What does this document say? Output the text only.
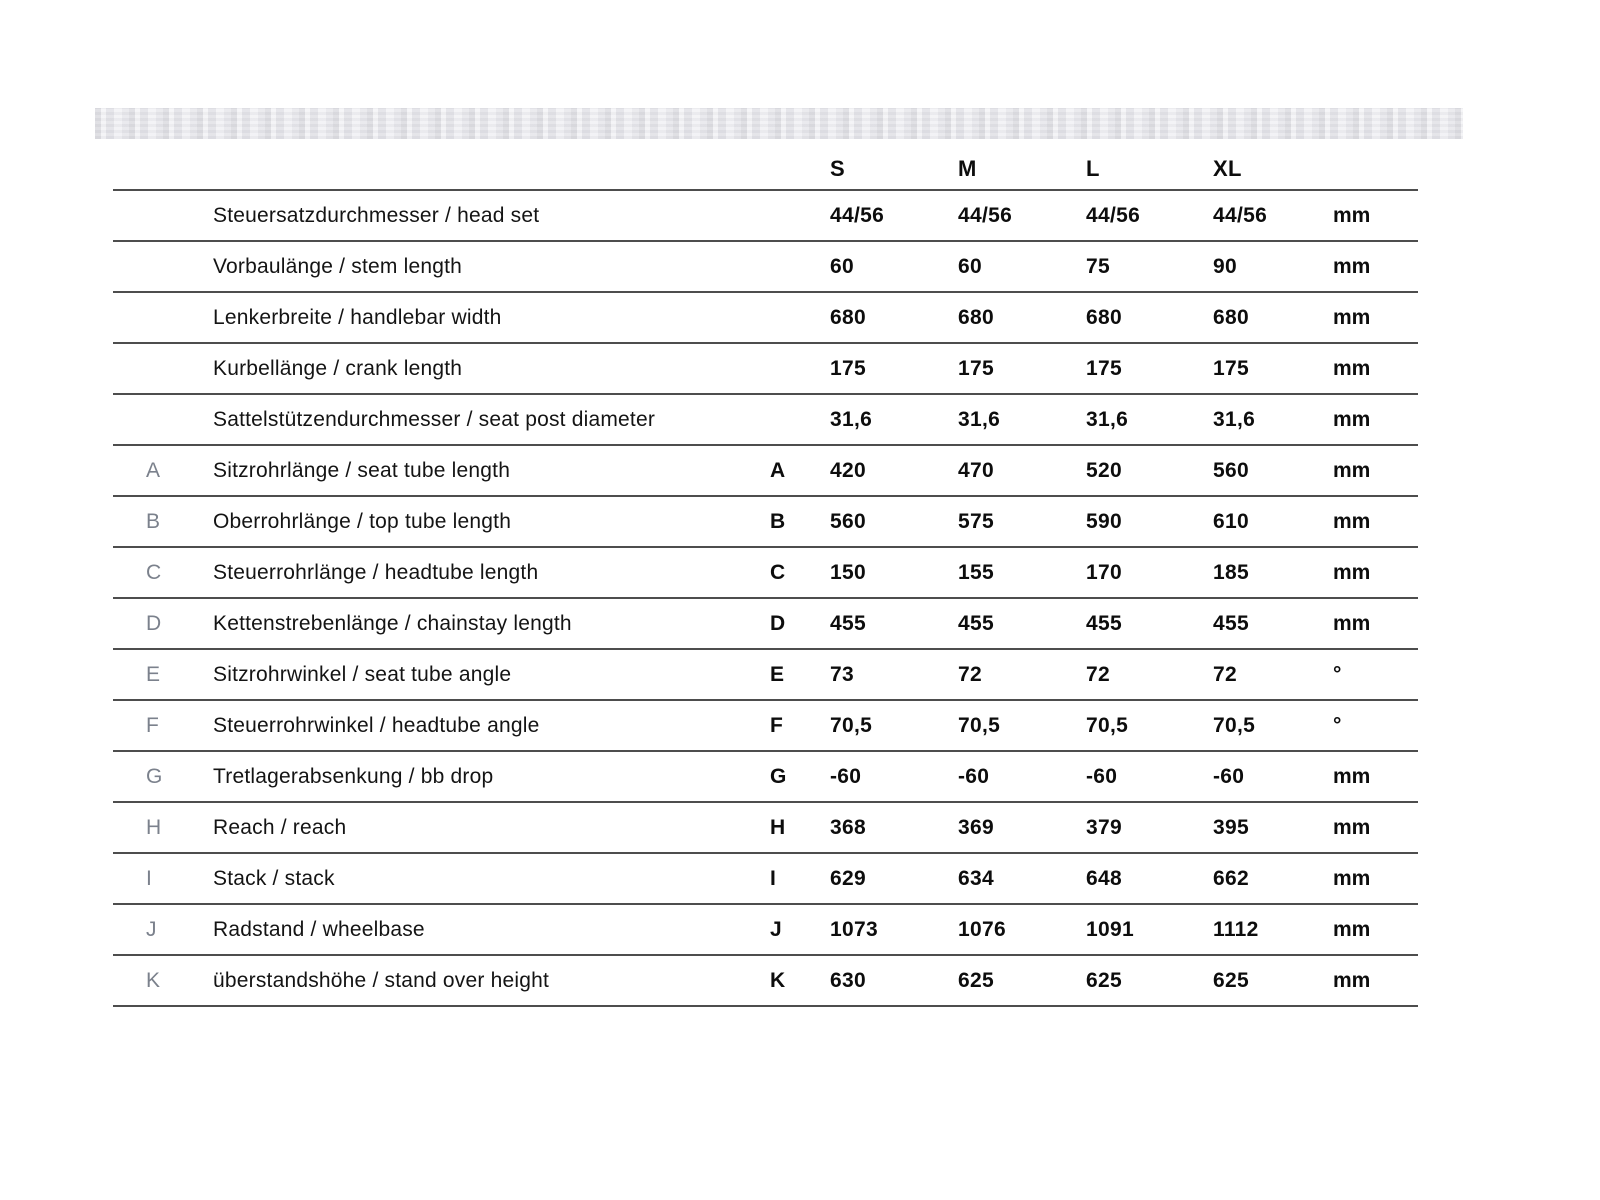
S	M	L	XL
Steuersatzdurchmesser / head set	44/56	44/56	44/56	44/56	mm
Vorbaulänge / stem length	60	60	75	90	mm
Lenkerbreite / handlebar width	680	680	680	680	mm
Kurbellänge / crank length	175	175	175	175	mm
Sattelstützendurchmesser / seat post diameter	31,6	31,6	31,6	31,6	mm
A	Sitzrohrlänge / seat tube length	A	420	470	520	560	mm
B	Oberrohrlänge / top tube length	B	560	575	590	610	mm
C	Steuerrohrlänge / headtube length	C	150	155	170	185	mm
D	Kettenstrebenlänge / chainstay length	D	455	455	455	455	mm
E	Sitzrohrwinkel / seat tube angle	E	73	72	72	72	°
F	Steuerrohrwinkel / headtube angle	F	70,5	70,5	70,5	70,5	°
G	Tretlagerabsenkung / bb drop	G	-60	-60	-60	-60	mm
H	Reach / reach	H	368	369	379	395	mm
I	Stack / stack	I	629	634	648	662	mm
J	Radstand / wheelbase	J	1073	1076	1091	1112	mm
K	überstandshöhe / stand over height	K	630	625	625	625	mm
